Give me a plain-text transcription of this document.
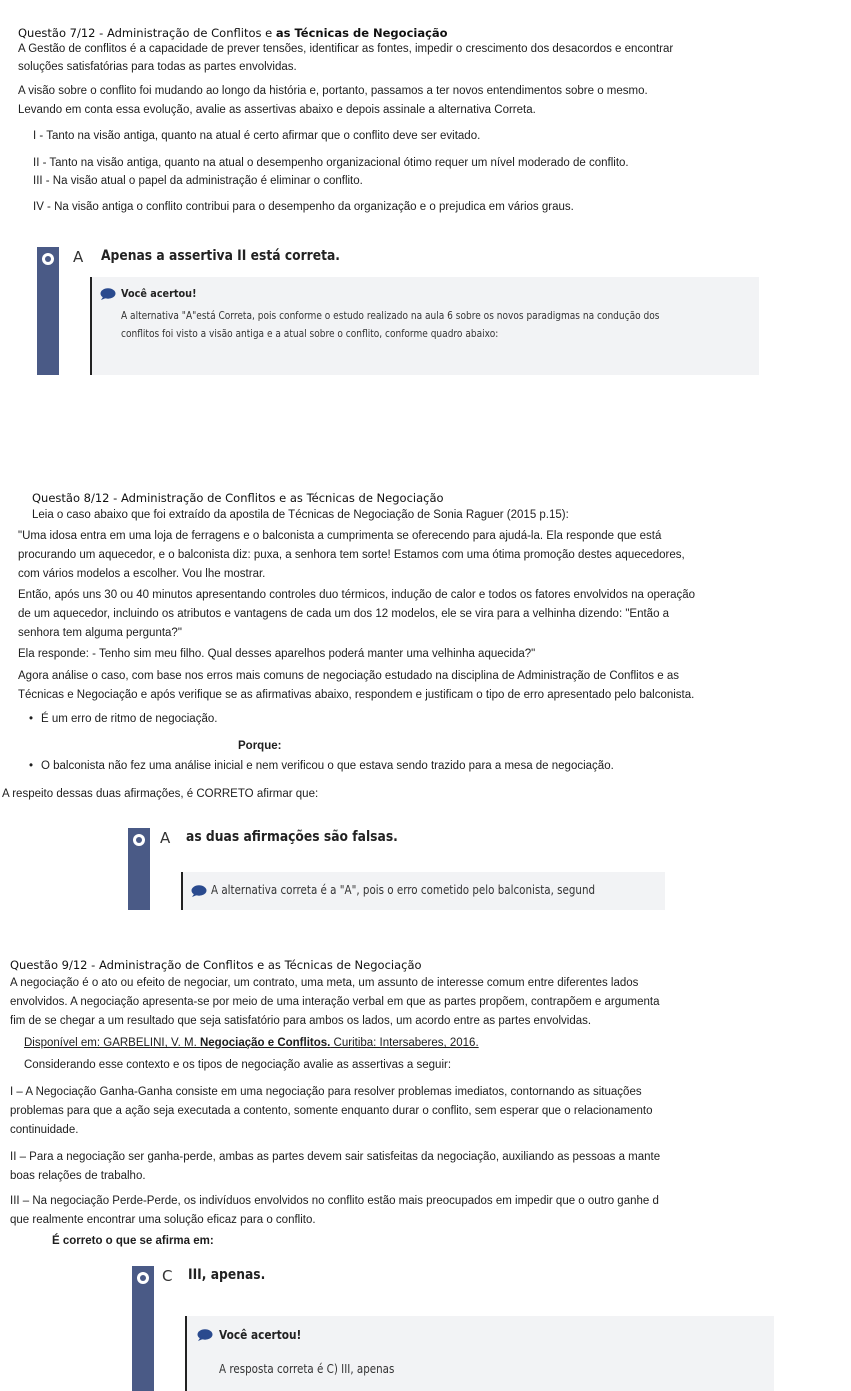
Questão 7/12 - Administração de Conflitos e as Técnicas de Negociação
A Gestão de conflitos é a capacidade de prever tensões, identificar as fontes, impedir o crescimento dos desacordos e encontrar
soluções satisfatórias para todas as partes envolvidas.
A visão sobre o conflito foi mudando ao longo da história e, portanto, passamos a ter novos entendimentos sobre o mesmo.
Levando em conta essa evolução, avalie as assertivas abaixo e depois assinale a alternativa Correta.
I - Tanto na visão antiga, quanto na atual é certo afirmar que o conflito deve ser evitado.
II - Tanto na visão antiga, quanto na atual o desempenho organizacional ótimo requer um nível moderado de conflito.
III - Na visão atual o papel da administração é eliminar o conflito.
IV - Na visão antiga o conflito contribui para o desempenho da organização e o prejudica em vários graus.
A Apenas a assertiva II está correta.
Você acertou!
A alternativa "A"está Correta, pois conforme o estudo realizado na aula 6 sobre os novos paradigmas na condução dos
conflitos foi visto a visão antiga e a atual sobre o conflito, conforme quadro abaixo:
Questão 8/12 - Administração de Conflitos e as Técnicas de Negociação
Leia o caso abaixo que foi extraído da apostila de Técnicas de Negociação de Sonia Raguer (2015 p.15):
"Uma idosa entra em uma loja de ferragens e o balconista a cumprimenta se oferecendo para ajudá-la. Ela responde que está
procurando um aquecedor, e o balconista diz: puxa, a senhora tem sorte! Estamos com uma ótima promoção destes aquecedores,
com vários modelos a escolher. Vou lhe mostrar.
Então, após uns 30 ou 40 minutos apresentando controles duo térmicos, indução de calor e todos os fatores envolvidos na operação
de um aquecedor, incluindo os atributos e vantagens de cada um dos 12 modelos, ele se vira para a velhinha dizendo: "Então a
senhora tem alguma pergunta?"
Ela responde: - Tenho sim meu filho. Qual desses aparelhos poderá manter uma velhinha aquecida?"
Agora análise o caso, com base nos erros mais comuns de negociação estudado na disciplina de Administração de Conflitos e as
Técnicas e Negociação e após verifique se as afirmativas abaixo, respondem e justificam o tipo de erro apresentado pelo balconista.
• É um erro de ritmo de negociação.
Porque:
• O balconista não fez uma análise inicial e nem verificou o que estava sendo trazido para a mesa de negociação.
A respeito dessas duas afirmações, é CORRETO afirmar que:
A as duas afirmações são falsas.
A alternativa correta é a "A", pois o erro cometido pelo balconista, segund
Questão 9/12 - Administração de Conflitos e as Técnicas de Negociação
A negociação é o ato ou efeito de negociar, um contrato, uma meta, um assunto de interesse comum entre diferentes lados
envolvidos. A negociação apresenta-se por meio de uma interação verbal em que as partes propõem, contrapõem e argumenta
fim de se chegar a um resultado que seja satisfatório para ambos os lados, um acordo entre as partes envolvidas.
Disponível em: GARBELINI, V. M. Negociação e Conflitos. Curitiba: Intersaberes, 2016.
Considerando esse contexto e os tipos de negociação avalie as assertivas a seguir:
I – A Negociação Ganha-Ganha consiste em uma negociação para resolver problemas imediatos, contornando as situações
problemas para que a ação seja executada a contento, somente enquanto durar o conflito, sem esperar que o relacionamento
continuidade.
II – Para a negociação ser ganha-perde, ambas as partes devem sair satisfeitas da negociação, auxiliando as pessoas a mante
boas relações de trabalho.
III – Na negociação Perde-Perde, os indivíduos envolvidos no conflito estão mais preocupados em impedir que o outro ganhe d
que realmente encontrar uma solução eficaz para o conflito.
É correto o que se afirma em:
C III, apenas.
Você acertou!
A resposta correta é C) III, apenas
